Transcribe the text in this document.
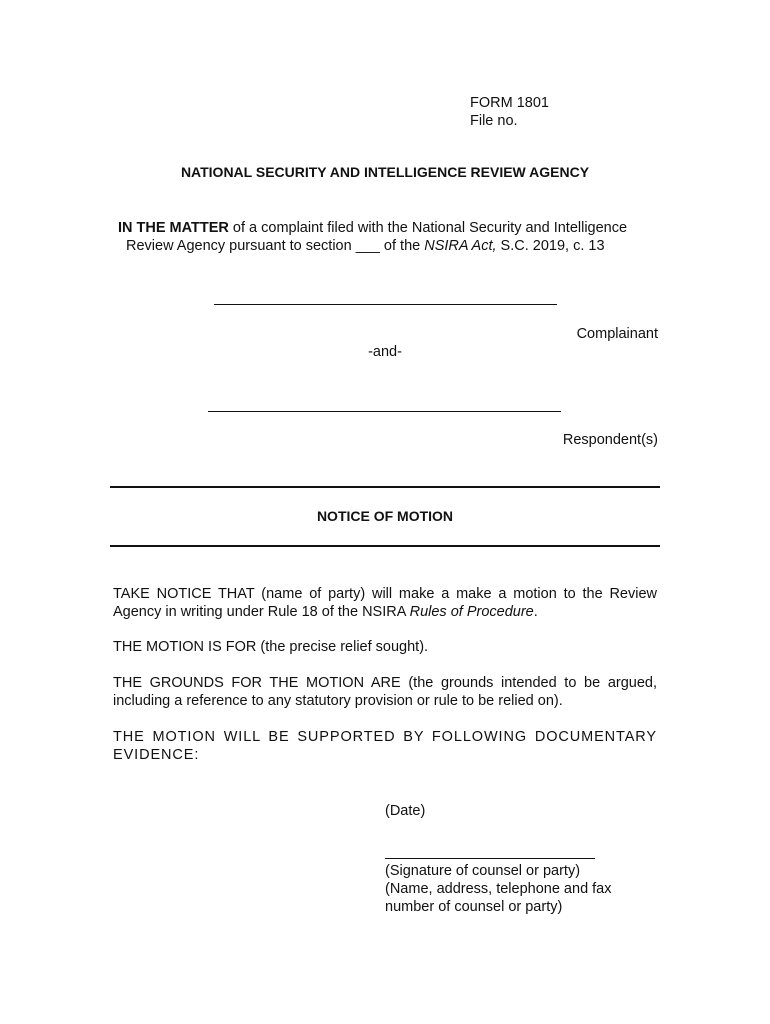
FORM 1801
File no.
NATIONAL SECURITY AND INTELLIGENCE REVIEW AGENCY
IN THE MATTER of a complaint filed with the National Security and Intelligence
Review Agency pursuant to section ___ of the NSIRA Act, S.C. 2019, c. 13
Complainant
-and-
Respondent(s)
NOTICE OF MOTION
TAKE NOTICE THAT (name of party) will make a make a motion to the Review Agency in writing under Rule 18 of the NSIRA Rules of Procedure.
THE MOTION IS FOR (the precise relief sought).
THE GROUNDS FOR THE MOTION ARE (the grounds intended to be argued, including a reference to any statutory provision or rule to be relied on).
THE MOTION WILL BE SUPPORTED BY FOLLOWING DOCUMENTARY EVIDENCE:
(Date)
(Signature of counsel or party)
(Name, address, telephone and fax
number of counsel or party)
